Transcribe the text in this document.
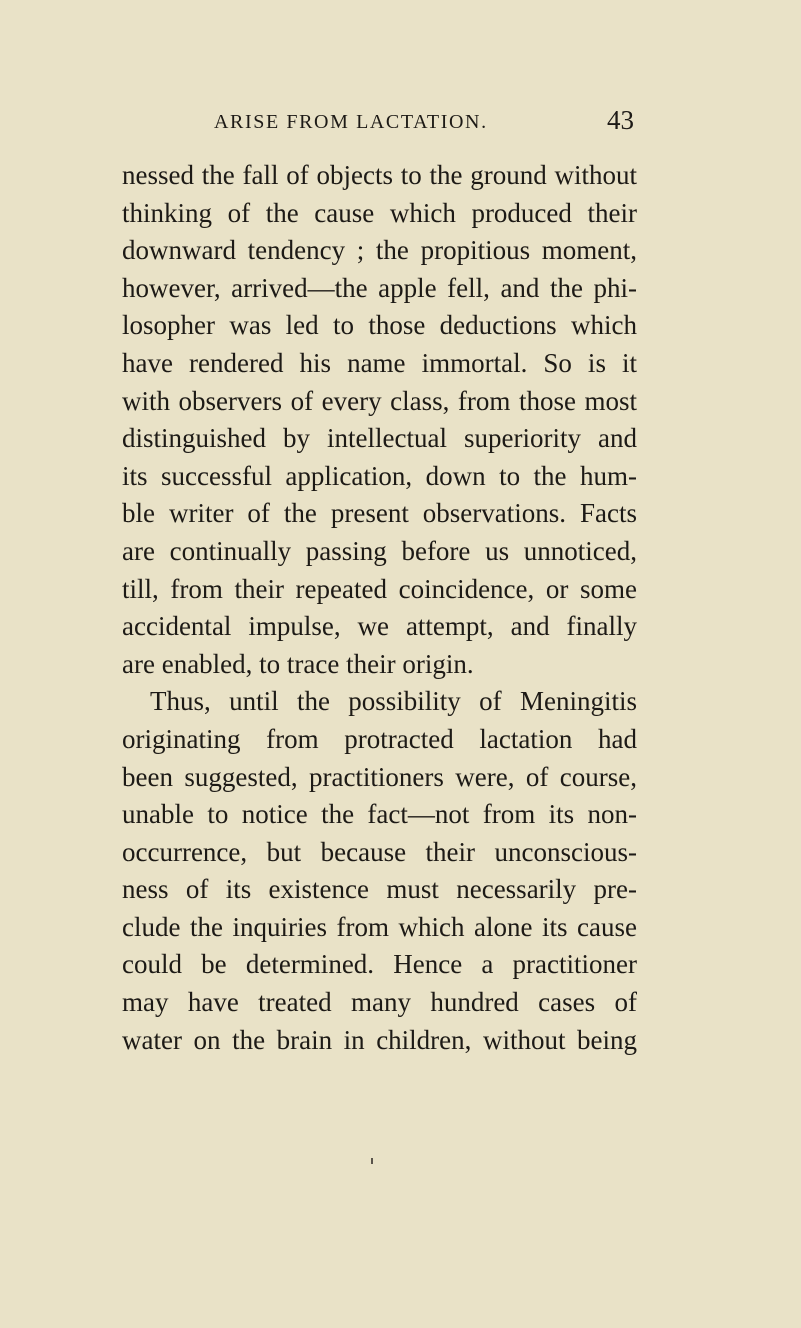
ARISE FROM LACTATION.	43
nessed the fall of objects to the ground without
thinking of the cause which produced their
downward tendency ; the propitious moment,
however, arrived—the apple fell, and the phi-
losopher was led to those deductions which
have rendered his name immortal. So is it
with observers of every class, from those most
distinguished by intellectual superiority and
its successful application, down to the hum-
ble writer of the present observations. Facts
are continually passing before us unnoticed,
till, from their repeated coincidence, or some
accidental impulse, we attempt, and finally
are enabled, to trace their origin.
Thus, until the possibility of Meningitis
originating from protracted lactation had
been suggested, practitioners were, of course,
unable to notice the fact—not from its non-
occurrence, but because their unconscious-
ness of its existence must necessarily pre-
clude the inquiries from which alone its cause
could be determined. Hence a practitioner
may have treated many hundred cases of
water on the brain in children, without being
